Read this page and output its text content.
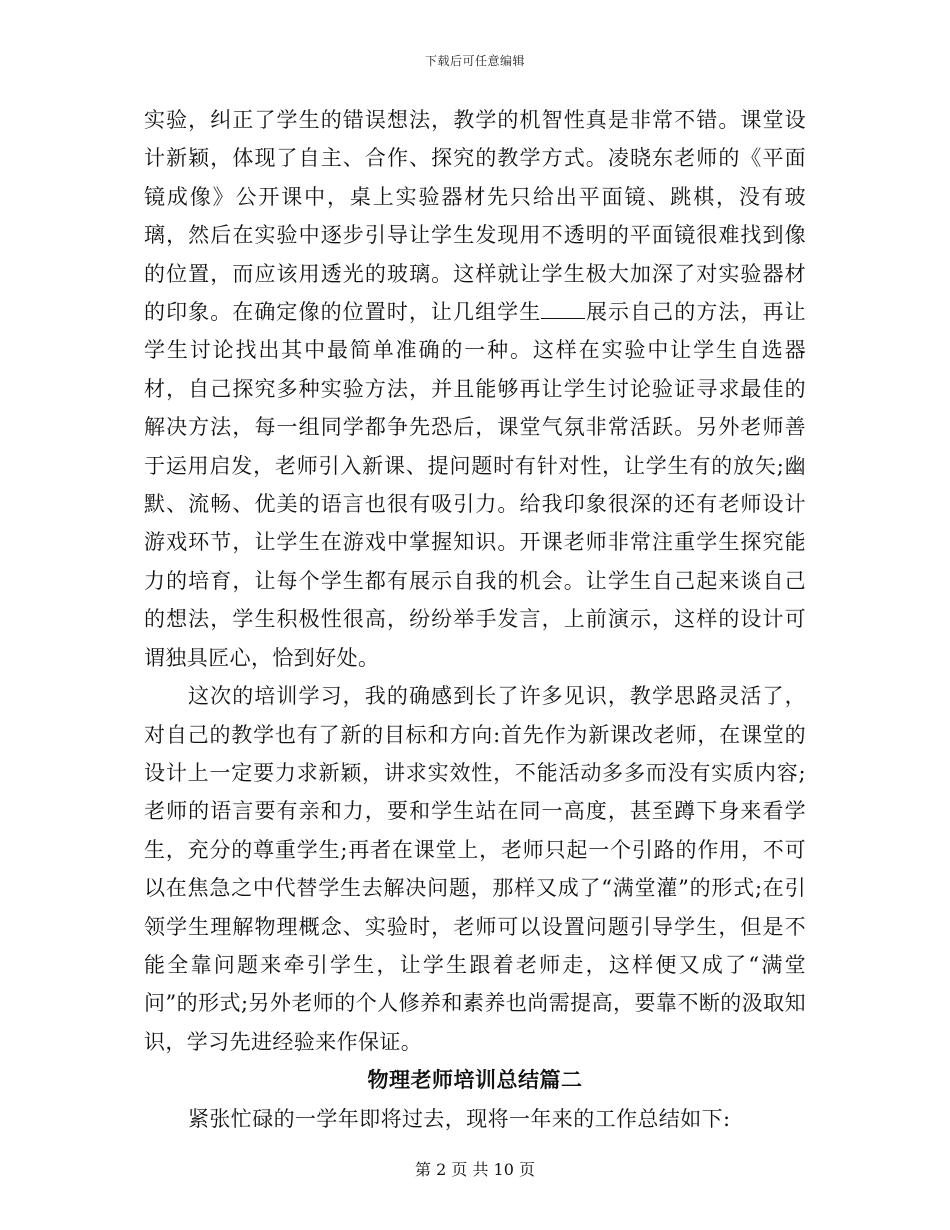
下载后可任意编辑

实验，纠正了学生的错误想法，教学的机智性真是非常不错。课堂设计新颖，体现了自主、合作、探究的教学方式。凌晓东老师的《平面镜成像》公开课中，桌上实验器材先只给出平面镜、跳棋，没有玻璃，然后在实验中逐步引导让学生发现用不透明的平面镜很难找到像的位置，而应该用透光的玻璃。这样就让学生极大加深了对实验器材的印象。在确定像的位置时，让几组学生 展示自己的方法，再让学生讨论找出其中最简单准确的一种。这样在实验中让学生自选器材，自己探究多种实验方法，并且能够再让学生讨论验证寻求最佳的解决方法，每一组同学都争先恐后，课堂气氛非常活跃。另外老师善于运用启发，老师引入新课、提问题时有针对性，让学生有的放矢;幽默、流畅、优美的语言也很有吸引力。给我印象很深的还有老师设计游戏环节，让学生在游戏中掌握知识。开课老师非常注重学生探究能力的培育，让每个学生都有展示自我的机会。让学生自己起来谈自己的想法，学生积极性很高，纷纷举手发言，上前演示，这样的设计可谓独具匠心，恰到好处。

这次的培训学习，我的确感到长了许多见识，教学思路灵活了，对自己的教学也有了新的目标和方向:首先作为新课改老师，在课堂的设计上一定要力求新颖，讲求实效性，不能活动多多而没有实质内容;老师的语言要有亲和力，要和学生站在同一高度，甚至蹲下身来看学生，充分的尊重学生;再者在课堂上，老师只起一个引路的作用，不可以在焦急之中代替学生去解决问题，那样又成了“满堂灌”的形式;在引领学生理解物理概念、实验时，老师可以设置问题引导学生，但是不能全靠问题来牵引学生，让学生跟着老师走，这样便又成了“满堂问”的形式;另外老师的个人修养和素养也尚需提高，要靠不断的汲取知识，学习先进经验来作保证。

物理老师培训总结篇二

紧张忙碌的一学年即将过去，现将一年来的工作总结如下:

第 2 页 共 10 页
